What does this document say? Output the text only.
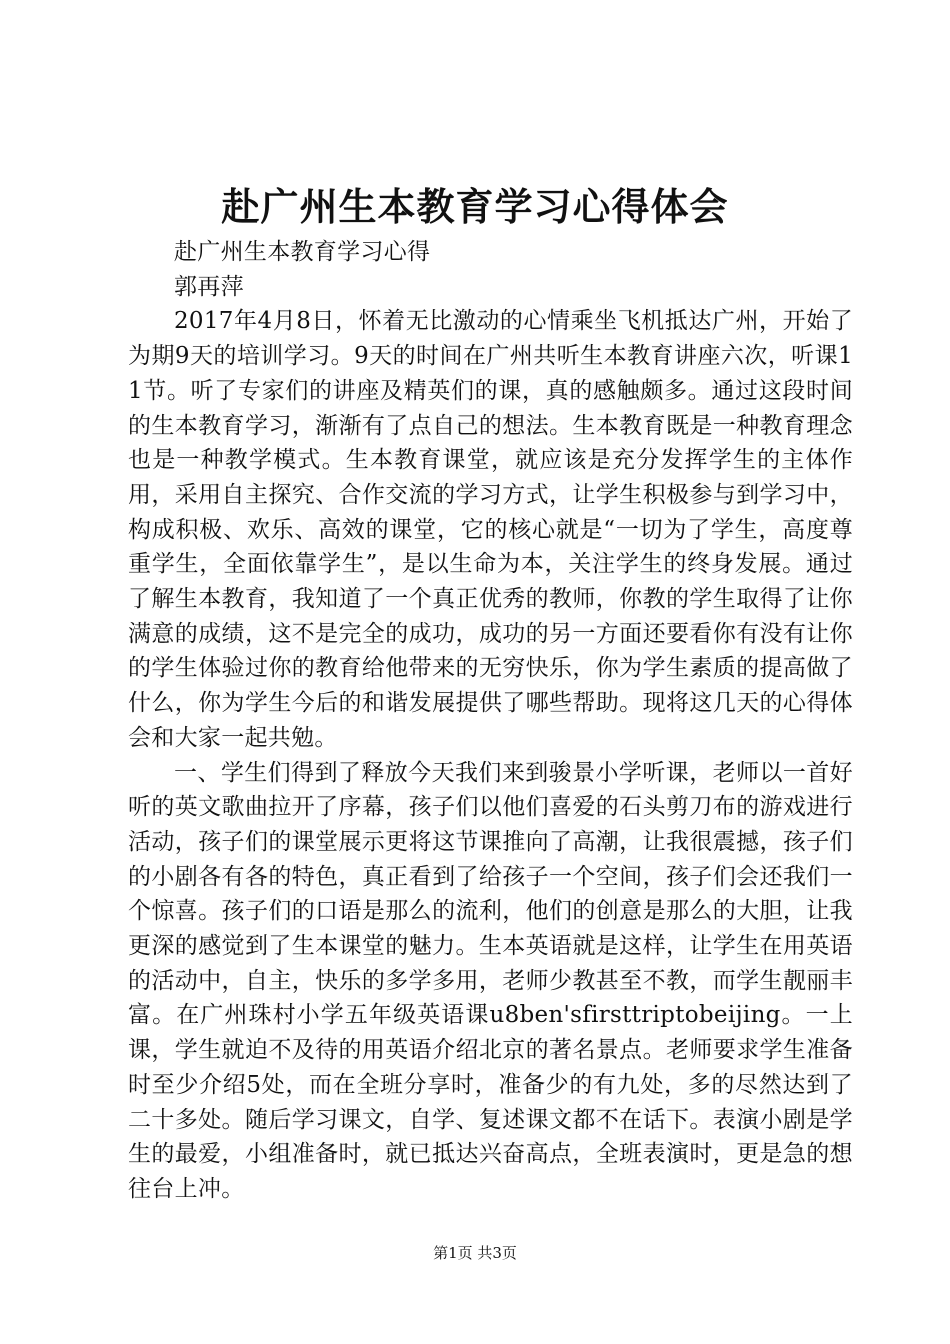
赴广州生本教育学习心得体会

赴广州生本教育学习心得

郭再萍

2017年4月8日，怀着无比激动的心情乘坐飞机抵达广州，开始了为期9天的培训学习。9天的时间在广州共听生本教育讲座六次，听课11节。听了专家们的讲座及精英们的课，真的感触颇多。通过这段时间的生本教育学习，渐渐有了点自己的想法。生本教育既是一种教育理念也是一种教学模式。生本教育课堂，就应该是充分发挥学生的主体作用，采用自主探究、合作交流的学习方式，让学生积极参与到学习中，构成积极、欢乐、高效的课堂，它的核心就是“一切为了学生，高度尊重学生，全面依靠学生”，是以生命为本，关注学生的终身发展。通过了解生本教育，我知道了一个真正优秀的教师，你教的学生取得了让你满意的成绩，这不是完全的成功，成功的另一方面还要看你有没有让你的学生体验过你的教育给他带来的无穷快乐，你为学生素质的提高做了什么，你为学生今后的和谐发展提供了哪些帮助。现将这几天的心得体会和大家一起共勉。

一、学生们得到了释放今天我们来到骏景小学听课，老师以一首好听的英文歌曲拉开了序幕，孩子们以他们喜爱的石头剪刀布的游戏进行活动，孩子们的课堂展示更将这节课推向了高潮，让我很震撼，孩子们的小剧各有各的特色，真正看到了给孩子一个空间，孩子们会还我们一个惊喜。孩子们的口语是那么的流利，他们的创意是那么的大胆，让我更深的感觉到了生本课堂的魅力。生本英语就是这样，让学生在用英语的活动中，自主，快乐的多学多用，老师少教甚至不教，而学生靓丽丰富。在广州珠村小学五年级英语课u8ben'sfirsttriptobeijing。一上课，学生就迫不及待的用英语介绍北京的著名景点。老师要求学生准备时至少介绍5处，而在全班分享时，准备少的有九处，多的尽然达到了二十多处。随后学习课文，自学、复述课文都不在话下。表演小剧是学生的最爱，小组准备时，就已抵达兴奋高点，全班表演时，更是急的想往台上冲。

第1页 共3页
